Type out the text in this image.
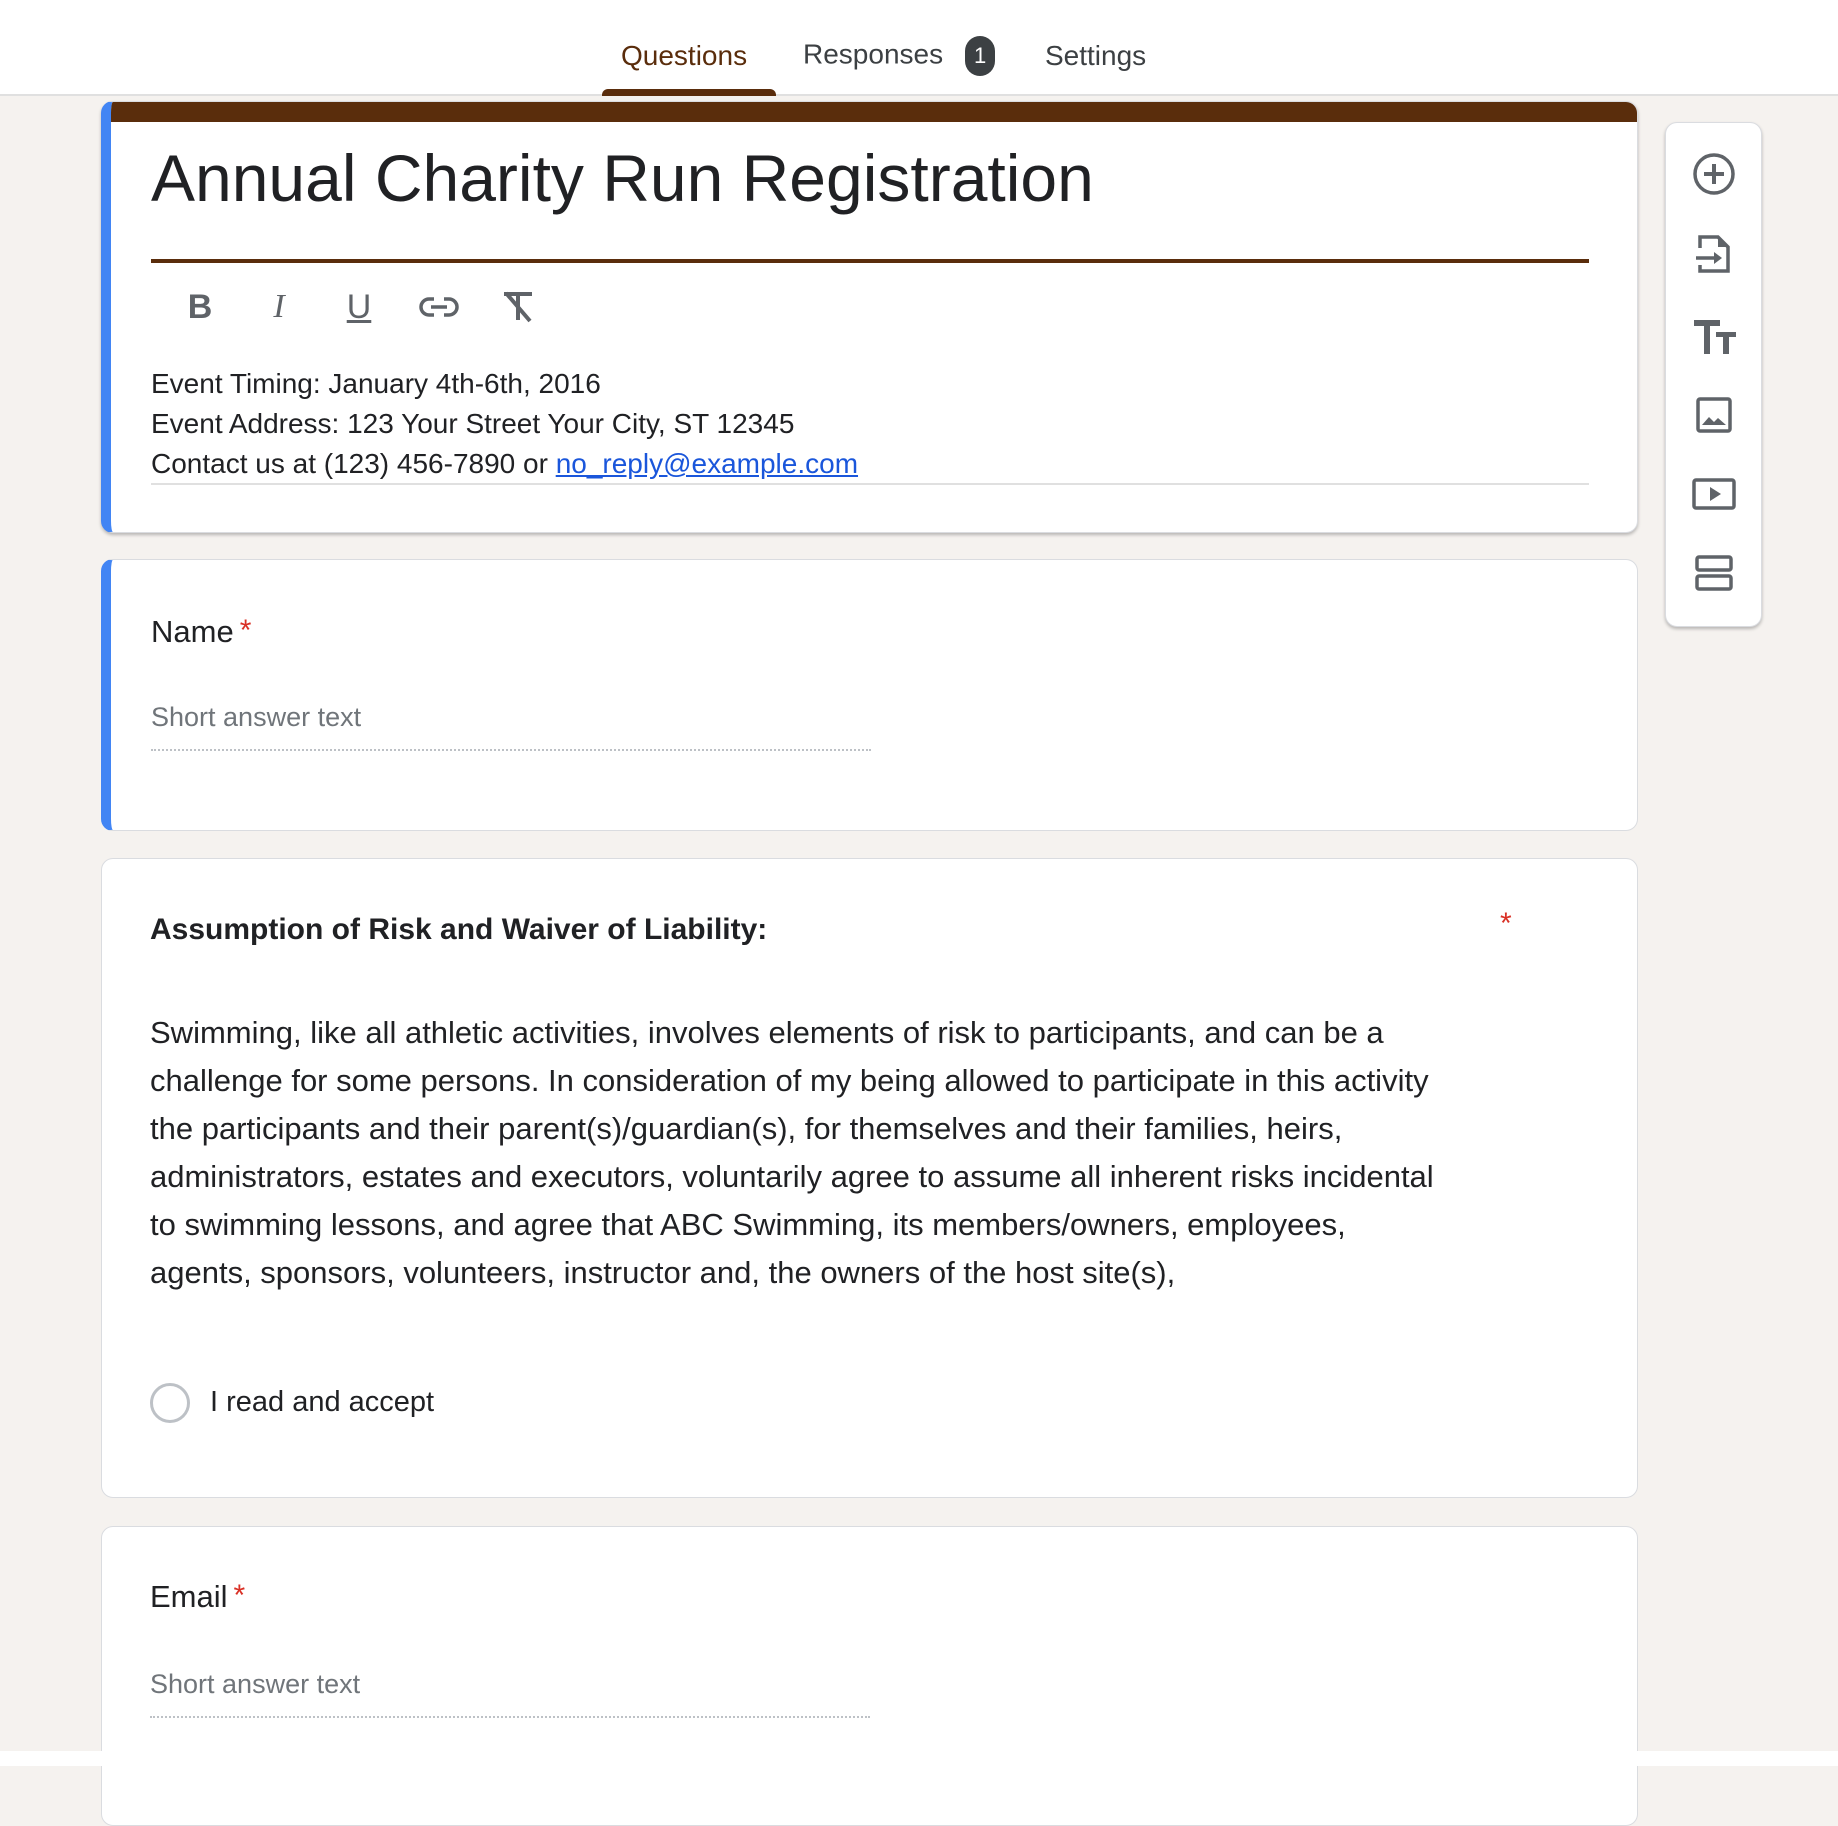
Questions Responses 1	Settings
Annual Charity Run Registration
B	I	U
Event Timing: January 4th-6th, 2016
Event Address: 123 Your Street Your City, ST 12345
Contact us at (123) 456-7890 or no_reply@example.com
Name *
Short answer text
Assumption of Risk and Waiver of Liability:	*
Swimming, like all athletic activities, involves elements of risk to participants, and can be a
challenge for some persons. In consideration of my being allowed to participate in this activity
the participants and their parent(s)/guardian(s), for themselves and their families, heirs,
administrators, estates and executors, voluntarily agree to assume all inherent risks incidental
to swimming lessons, and agree that ABC Swimming, its members/owners, employees,
agents, sponsors, volunteers, instructor and, the owners of the host site(s),
I read and accept
Email *
Short answer text
